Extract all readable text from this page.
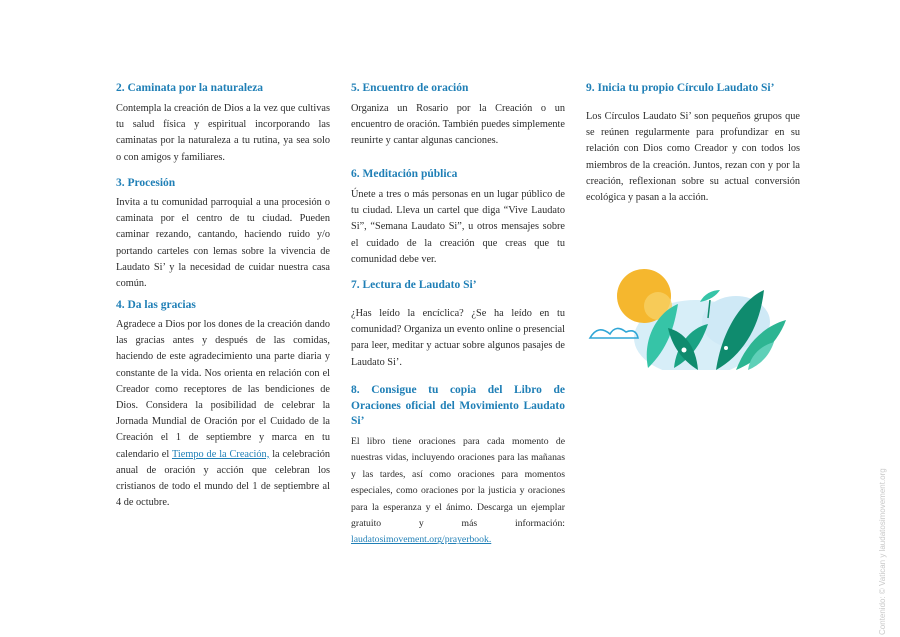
2. Caminata por la naturaleza

Contempla la creación de Dios a la vez que cultivas tu salud física y espiritual incorporando las caminatas por la naturaleza a tu rutina, ya sea solo o con amigos y familiares.

3. Procesión

Invita a tu comunidad parroquial a una procesión o caminata por el centro de tu ciudad. Pueden caminar rezando, cantando, haciendo ruido y/o portando carteles con lemas sobre la vivencia de Laudato Si’ y la necesidad de cuidar nuestra casa común.

4. Da las gracias

Agradece a Dios por los dones de la creación dando las gracias antes y después de las comidas, haciendo de este agradecimiento una parte diaria y constante de la vida. Nos orienta en relación con el Creador como receptores de las bendiciones de Dios. Considera la posibilidad de celebrar la Jornada Mundial de Oración por el Cuidado de la Creación el 1 de septiembre y marca en tu calendario el Tiempo de la Creación, la celebración anual de oración y acción que celebran los cristianos de todo el mundo del 1 de septiembre al 4 de octubre.

5. Encuentro de oración

Organiza un Rosario por la Creación o un encuentro de oración. También puedes simplemente reunirte y cantar algunas canciones.

6. Meditación pública

Únete a tres o más personas en un lugar público de tu ciudad. Lleva un cartel que diga “Vive Laudato Si”, “Semana Laudato Si”, u otros mensajes sobre el cuidado de la creación que creas que tu comunidad debe ver.

7. Lectura de Laudato Si’

¿Has leído la encíclica? ¿Se ha leído en tu comunidad? Organiza un evento online o presencial para leer, meditar y actuar sobre algunos pasajes de Laudato Si’.

8. Consigue tu copia del Libro de Oraciones oficial del Movimiento Laudato Si’

El libro tiene oraciones para cada momento de nuestras vidas, incluyendo oraciones para las mañanas y las tardes, así como oraciones para momentos especiales, como oraciones por la justicia y oraciones para la esperanza y el ánimo. Descarga un ejemplar gratuito y más información: laudatosimovement.org/prayerbook.

9. Inicia tu propio Círculo Laudato Si’

Los Círculos Laudato Si’ son pequeños grupos que se reúnen regularmente para profundizar en su relación con Dios como Creador y con todos los miembros de la creación. Juntos, rezan con y por la creación, reflexionan sobre su actual conversión ecológica y pasan a la acción.

Contenido: © Vatican y laudatosimovement.org
